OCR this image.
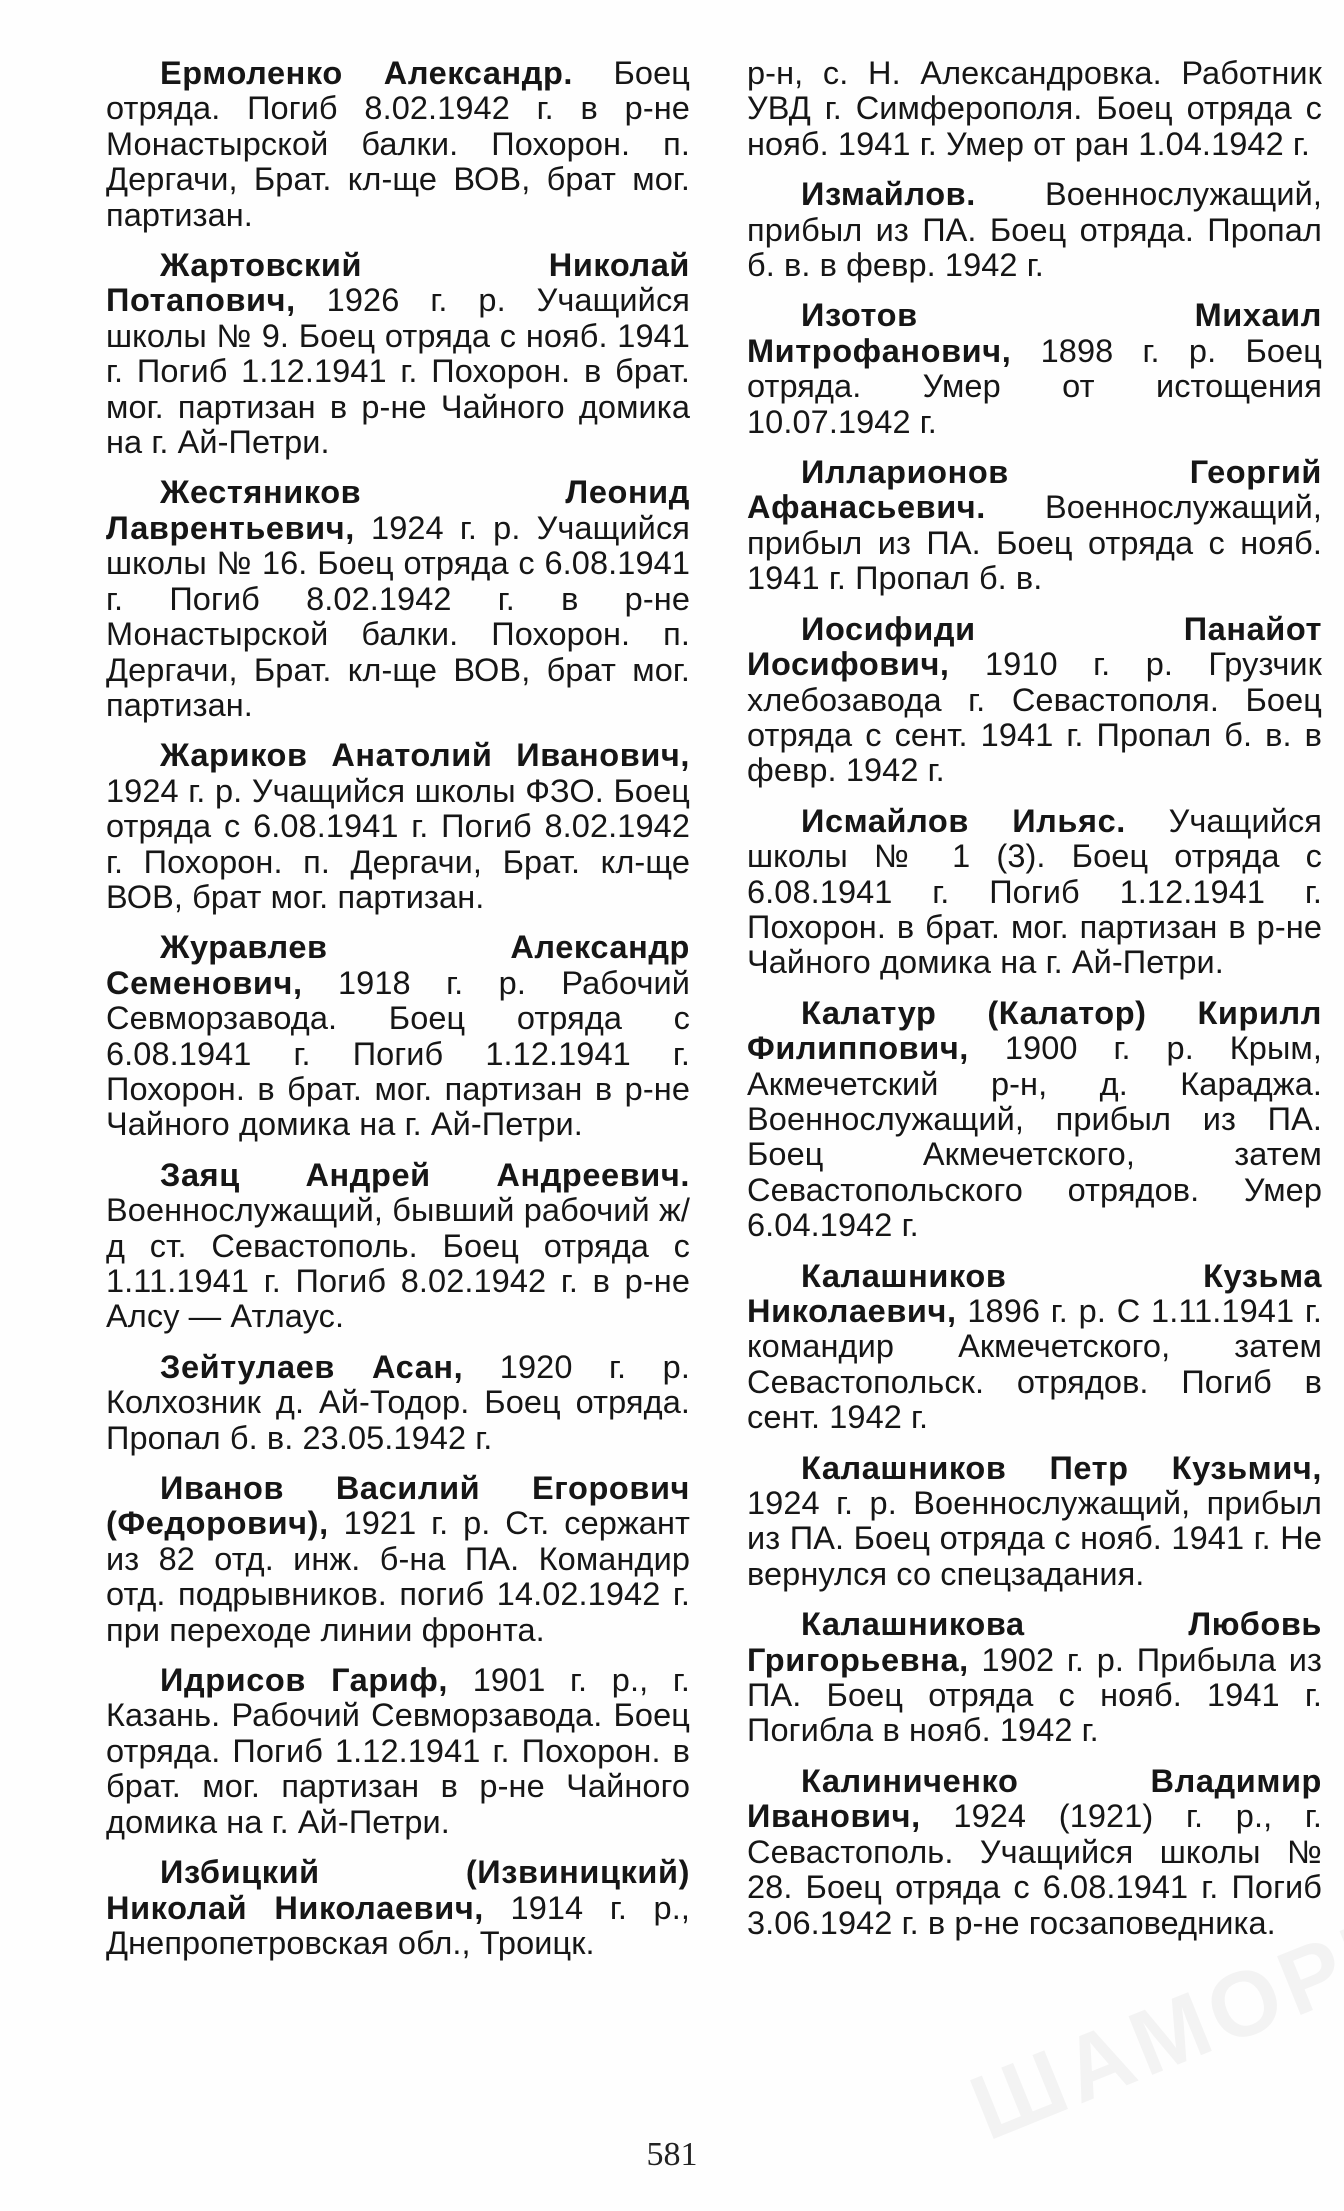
Ермоленко Александр. Боец отряда. Погиб 8.02.1942 г. в р-не Монастырской балки. Похорон. п. Дергачи, Брат. кл-ще ВОВ, брат мог. партизан.

Жартовский Николай Потапович, 1926 г. р. Учащийся школы № 9. Боец отряда с нояб. 1941 г. Погиб 1.12.1941 г. Похорон. в брат. мог. партизан в р-не Чайного домика на г. Ай-Петри.

Жестяников Леонид Лаврентьевич, 1924 г. р. Учащийся школы № 16. Боец отряда с 6.08.1941 г. Погиб 8.02.1942 г. в р-не Монастырской балки. Похорон. п. Дергачи, Брат. кл-ще ВОВ, брат мог. партизан.

Жариков Анатолий Иванович, 1924 г. р. Учащийся школы ФЗО. Боец отряда с 6.08.1941 г. Погиб 8.02.1942 г. Похорон. п. Дергачи, Брат. кл-ще ВОВ, брат мог. партизан.

Журавлев Александр Семенович, 1918 г. р. Рабочий Севморзавода. Боец отряда с 6.08.1941 г. Погиб 1.12.1941 г. Похорон. в брат. мог. партизан в р-не Чайного домика на г. Ай-Петри.

Заяц Андрей Андреевич. Военнослужащий, бывший рабочий ж/д ст. Севастополь. Боец отряда с 1.11.1941 г. Погиб 8.02.1942 г. в р-не Алсу — Атлаус.

Зейтулаев Асан, 1920 г. р. Колхозник д. Ай-Тодор. Боец отряда. Пропал б. в. 23.05.1942 г.

Иванов Василий Егорович (Федорович), 1921 г. р. Ст. сержант из 82 отд. инж. б-на ПА. Командир отд. подрывников. погиб 14.02.1942 г. при переходе линии фронта.

Идрисов Гариф, 1901 г. р., г. Казань. Рабочий Севморзавода. Боец отряда. Погиб 1.12.1941 г. Похорон. в брат. мог. партизан в р-не Чайного домика на г. Ай-Петри.

Избицкий (Извиницкий) Николай Николаевич, 1914 г. р., Днепропетровская обл., Троицк.

р-н, с. Н. Александровка. Работник УВД г. Симферополя. Боец отряда с нояб. 1941 г. Умер от ран 1.04.1942 г.

Измайлов. Военнослужащий, прибыл из ПА. Боец отряда. Пропал б. в. в февр. 1942 г.

Изотов Михаил Митрофанович, 1898 г. р. Боец отряда. Умер от истощения 10.07.1942 г.

Илларионов Георгий Афанасьевич. Военнослужащий, прибыл из ПА. Боец отряда с нояб. 1941 г. Пропал б. в.

Иосифиди Панайот Иосифович, 1910 г. р. Грузчик хлебозавода г. Севастополя. Боец отряда с сент. 1941 г. Пропал б. в. в февр. 1942 г.

Исмайлов Ильяс. Учащийся школы № 1 (3). Боец отряда с 6.08.1941 г. Погиб 1.12.1941 г. Похорон. в брат. мог. партизан в р-не Чайного домика на г. Ай-Петри.

Калатур (Калатор) Кирилл Филиппович, 1900 г. р. Крым, Акмечетский р-н, д. Караджа. Военнослужащий, прибыл из ПА. Боец Акмечетского, затем Севастопольского отрядов. Умер 6.04.1942 г.

Калашников Кузьма Николаевич, 1896 г. р. С 1.11.1941 г. командир Акмечетского, затем Севастопольск. отрядов. Погиб в сент. 1942 г.

Калашников Петр Кузьмич, 1924 г. р. Военнослужащий, прибыл из ПА. Боец отряда с нояб. 1941 г. Не вернулся со спецзадания.

Калашникова Любовь Григорьевна, 1902 г. р. Прибыла из ПА. Боец отряда с нояб. 1941 г. Погибла в нояб. 1942 г.

Калиниченко Владимир Иванович, 1924 (1921) г. р., г. Севастополь. Учащийся школы № 28. Боец отряда с 6.08.1941 г. Погиб 3.06.1942 г. в р-не госзаповедника.

581
